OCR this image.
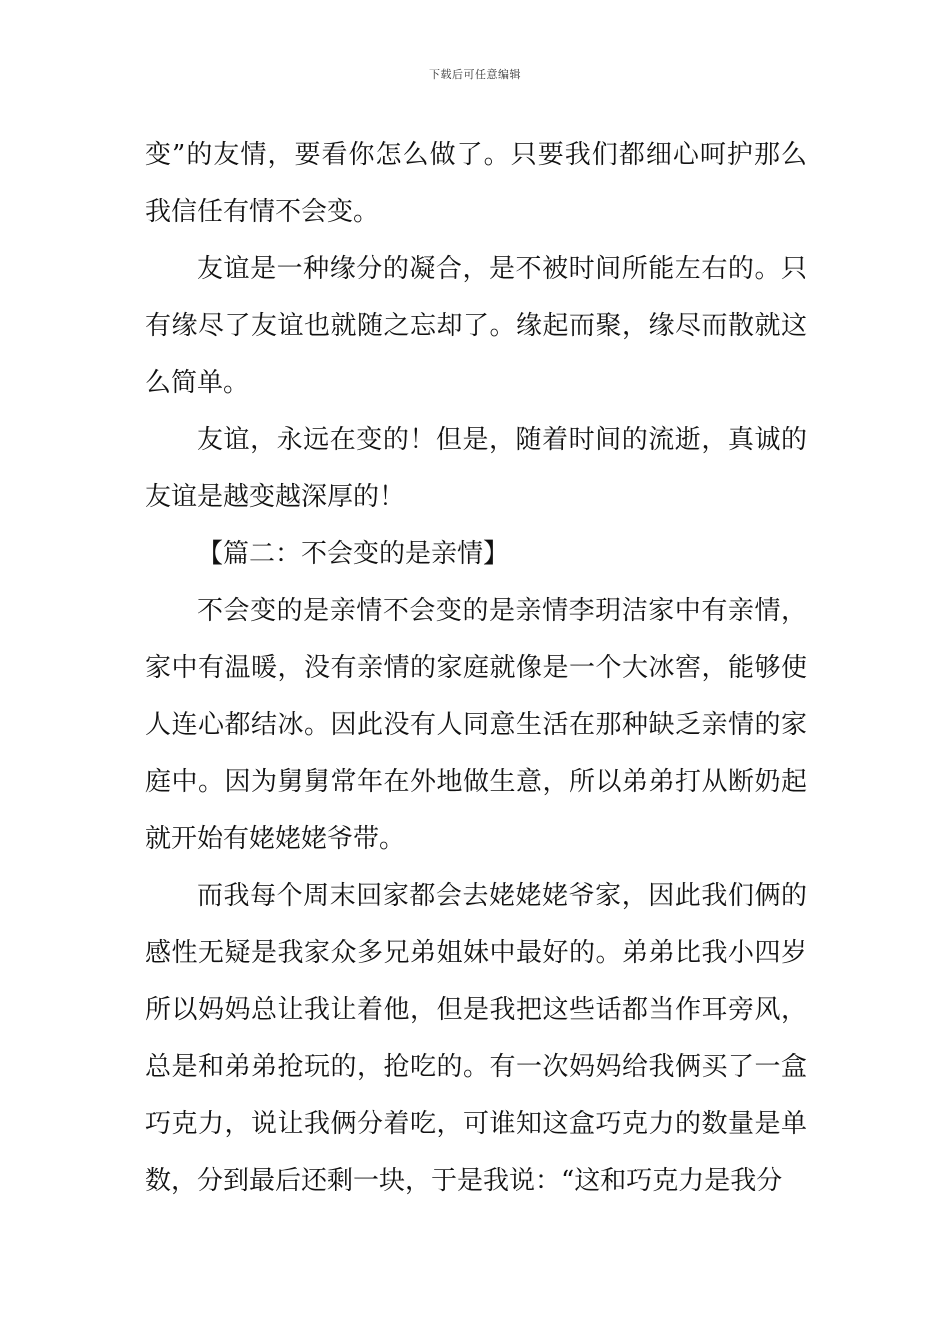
下载后可任意编辑

变”的友情，要看你怎么做了。只要我们都细心呵护那么我信任有情不会变。

友谊是一种缘分的凝合，是不被时间所能左右的。只有缘尽了友谊也就随之忘却了。缘起而聚，缘尽而散就这么简单。

友谊，永远在变的！但是，随着时间的流逝，真诚的友谊是越变越深厚的！

【篇二：不会变的是亲情】

不会变的是亲情不会变的是亲情李玥洁家中有亲情，家中有温暖，没有亲情的家庭就像是一个大冰窖，能够使人连心都结冰。因此没有人同意生活在那种缺乏亲情的家庭中。因为舅舅常年在外地做生意，所以弟弟打从断奶起就开始有姥姥姥爷带。

而我每个周末回家都会去姥姥姥爷家，因此我们俩的感性无疑是我家众多兄弟姐妹中最好的。弟弟比我小四岁所以妈妈总让我让着他，但是我把这些话都当作耳旁风，总是和弟弟抢玩的，抢吃的。有一次妈妈给我俩买了一盒巧克力，说让我俩分着吃，可谁知这盒巧克力的数量是单数，分到最后还剩一块，于是我说：“这和巧克力是我分
